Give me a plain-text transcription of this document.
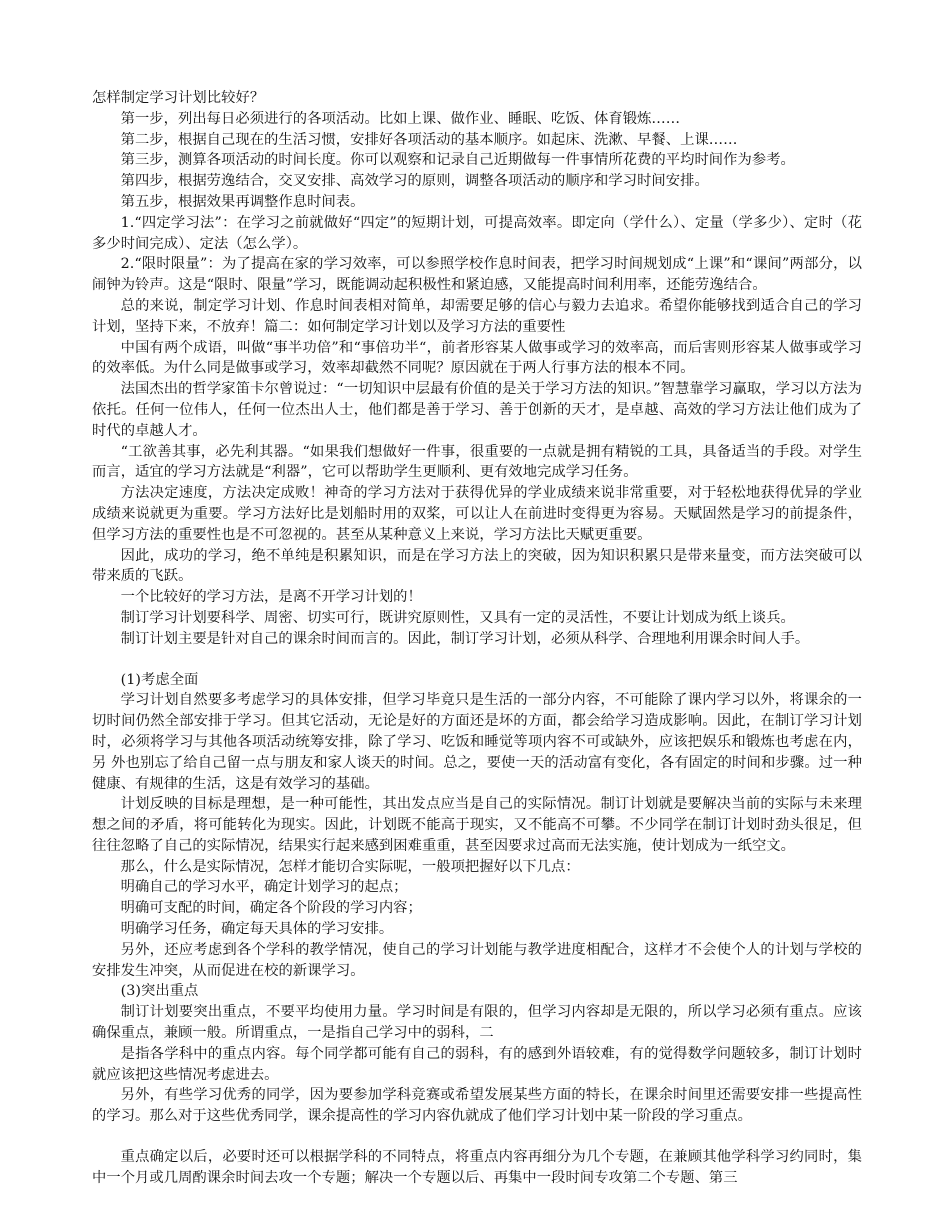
怎样制定学习计划比较好？

第一步，列出每日必须进行的各项活动。比如上课、做作业、睡眠、吃饭、体育锻炼……

第二步，根据自己现在的生活习惯，安排好各项活动的基本顺序。如起床、洗漱、早餐、上课……

第三步，测算各项活动的时间长度。你可以观察和记录自己近期做每一件事情所花费的平均时间作为参考。

第四步，根据劳逸结合，交叉安排、高效学习的原则，调整各项活动的顺序和学习时间安排。

第五步，根据效果再调整作息时间表。

1.“四定学习法”：在学习之前就做好“四定”的短期计划，可提高效率。即定向（学什么）、定量（学多少）、定时（花多少时间完成）、定法（怎么学）。

2.“限时限量”：为了提高在家的学习效率，可以参照学校作息时间表，把学习时间规划成“上课”和“课间”两部分，以闹钟为铃声。这是“限时、限量”学习，既能调动起积极性和紧迫感，又能提高时间利用率，还能劳逸结合。

总的来说，制定学习计划、作息时间表相对简单，却需要足够的信心与毅力去追求。希望你能够找到适合自己的学习计划，坚持下来，不放弃！篇二：如何制定学习计划以及学习方法的重要性

中国有两个成语，叫做“事半功倍”和“事倍功半“，前者形容某人做事或学习的效率高，而后害则形容某人做事或学习的效率低。为什么同是做事或学习，效率却截然不同呢？原因就在于两人行事方法的根本不同。

法国杰出的哲学家笛卡尔曾说过：“一切知识中层最有价值的是关于学习方法的知识。”智慧靠学习赢取，学习以方法为依托。任何一位伟人，任何一位杰出人士，他们都是善于学习、善于创新的天才，是卓越、高效的学习方法让他们成为了时代的卓越人才。

“工欲善其事，必先利其器。“如果我们想做好一件事，很重要的一点就是拥有精锐的工具，具备适当的手段。对学生而言，适宜的学习方法就是“利器”，它可以帮助学生更顺利、更有效地完成学习任务。

方法决定速度，方法决定成败！神奇的学习方法对于获得优异的学业成绩来说非常重要，对于轻松地获得优异的学业成绩来说就更为重要。学习方法好比是划船时用的双桨，可以让人在前进时变得更为容易。天赋固然是学习的前提条件，但学习方法的重要性也是不可忽视的。甚至从某种意义上来说，学习方法比天赋更重要。

因此，成功的学习，绝不单纯是积累知识，而是在学习方法上的突破，因为知识积累只是带来量变，而方法突破可以带来质的飞跃。

一个比较好的学习方法，是离不开学习计划的！

制订学习计划要科学、周密、切实可行，既讲究原则性，又具有一定的灵活性，不要让计划成为纸上谈兵。

制订计划主要是针对自己的课余时间而言的。因此，制订学习计划，必须从科学、合理地利用课余时间人手。

(1)考虑全面

学习计划自然要多考虑学习的具体安排，但学习毕竟只是生活的一部分内容，不可能除了课内学习以外，将课余的一切时间仍然全部安排于学习。但其它活动，无论是好的方面还是坏的方面，都会给学习造成影响。因此，在制订学习计划时，必须将学习与其他各项活动统筹安排，除了学习、吃饭和睡觉等项内容不可或缺外，应该把娱乐和锻炼也考虑在内，另 外也别忘了给自己留一点与朋友和家人谈天的时间。总之，要使一天的活动富有变化，各有固定的时间和步骤。过一种健康、有规律的生活，这是有效学习的基础。

计划反映的目标是理想，是一种可能性，其出发点应当是自己的实际情况。制订计划就是要解决当前的实际与未来理想之间的矛盾，将可能转化为现实。因此，计划既不能高于现实，又不能高不可攀。不少同学在制订计划时劲头很足，但往往忽略了自己的实际情况，结果实行起来感到困难重重，甚至因要求过高而无法实施，使计划成为一纸空文。

那么，什么是实际情况，怎样才能切合实际呢，一般项把握好以下几点：

明确自己的学习水平，确定计划学习的起点；

明确可支配的时间，确定各个阶段的学习内容；

明确学习任务，确定每天具体的学习安排。

另外，还应考虑到各个学科的教学情况，使自己的学习计划能与教学进度相配合，这样才不会使个人的计划与学校的安排发生冲突，从而促进在校的新课学习。

(3)突出重点

制订计划要突出重点，不要平均使用力量。学习时间是有限的，但学习内容却是无限的，所以学习必须有重点。应该确保重点，兼顾一般。所谓重点，一是指自己学习中的弱科，二

是指各学科中的重点内容。每个同学都可能有自己的弱科，有的感到外语较难，有的觉得数学问题较多，制订计划时就应该把这些情况考虑进去。

另外，有些学习优秀的同学，因为要参加学科竞赛或希望发展某些方面的特长，在课余时间里还需要安排一些提高性的学习。那么对于这些优秀同学，课余提高性的学习内容仇就成了他们学习计划中某一阶段的学习重点。

重点确定以后，必要时还可以根据学科的不同特点，将重点内容再细分为几个专题，在兼顾其他学科学习约同时，集中一个月或几周酌课余时间去攻一个专题；解决一个专题以后、再集中一段时间专攻第二个专题、第三
